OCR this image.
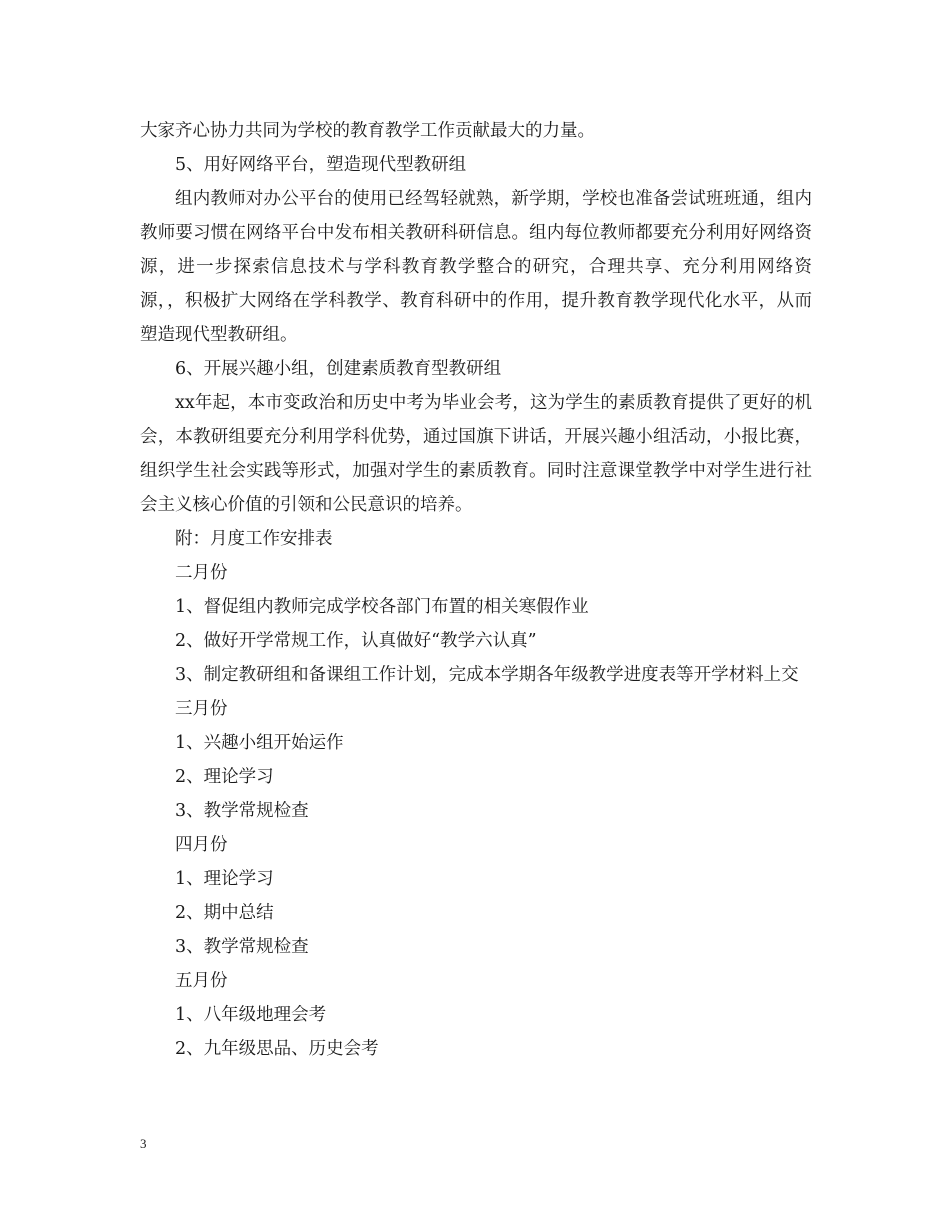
大家齐心协力共同为学校的教育教学工作贡献最大的力量。

5、用好网络平台，塑造现代型教研组

组内教师对办公平台的使用已经驾轻就熟，新学期，学校也准备尝试班班通，组内教师要习惯在网络平台中发布相关教研科研信息。组内每位教师都要充分利用好网络资源，进一步探索信息技术与学科教育教学整合的研究，合理共享、充分利用网络资源，，积极扩大网络在学科教学、教育科研中的作用，提升教育教学现代化水平，从而塑造现代型教研组。

6、开展兴趣小组，创建素质教育型教研组

xx年起，本市变政治和历史中考为毕业会考，这为学生的素质教育提供了更好的机会，本教研组要充分利用学科优势，通过国旗下讲话，开展兴趣小组活动，小报比赛，组织学生社会实践等形式，加强对学生的素质教育。同时注意课堂教学中对学生进行社会主义核心价值的引领和公民意识的培养。

附：月度工作安排表

二月份

1、督促组内教师完成学校各部门布置的相关寒假作业

2、做好开学常规工作，认真做好“教学六认真”

3、制定教研组和备课组工作计划，完成本学期各年级教学进度表等开学材料上交

三月份

1、兴趣小组开始运作

2、理论学习

3、教学常规检查

四月份

1、理论学习

2、期中总结

3、教学常规检查

五月份

1、八年级地理会考

2、九年级思品、历史会考

3
